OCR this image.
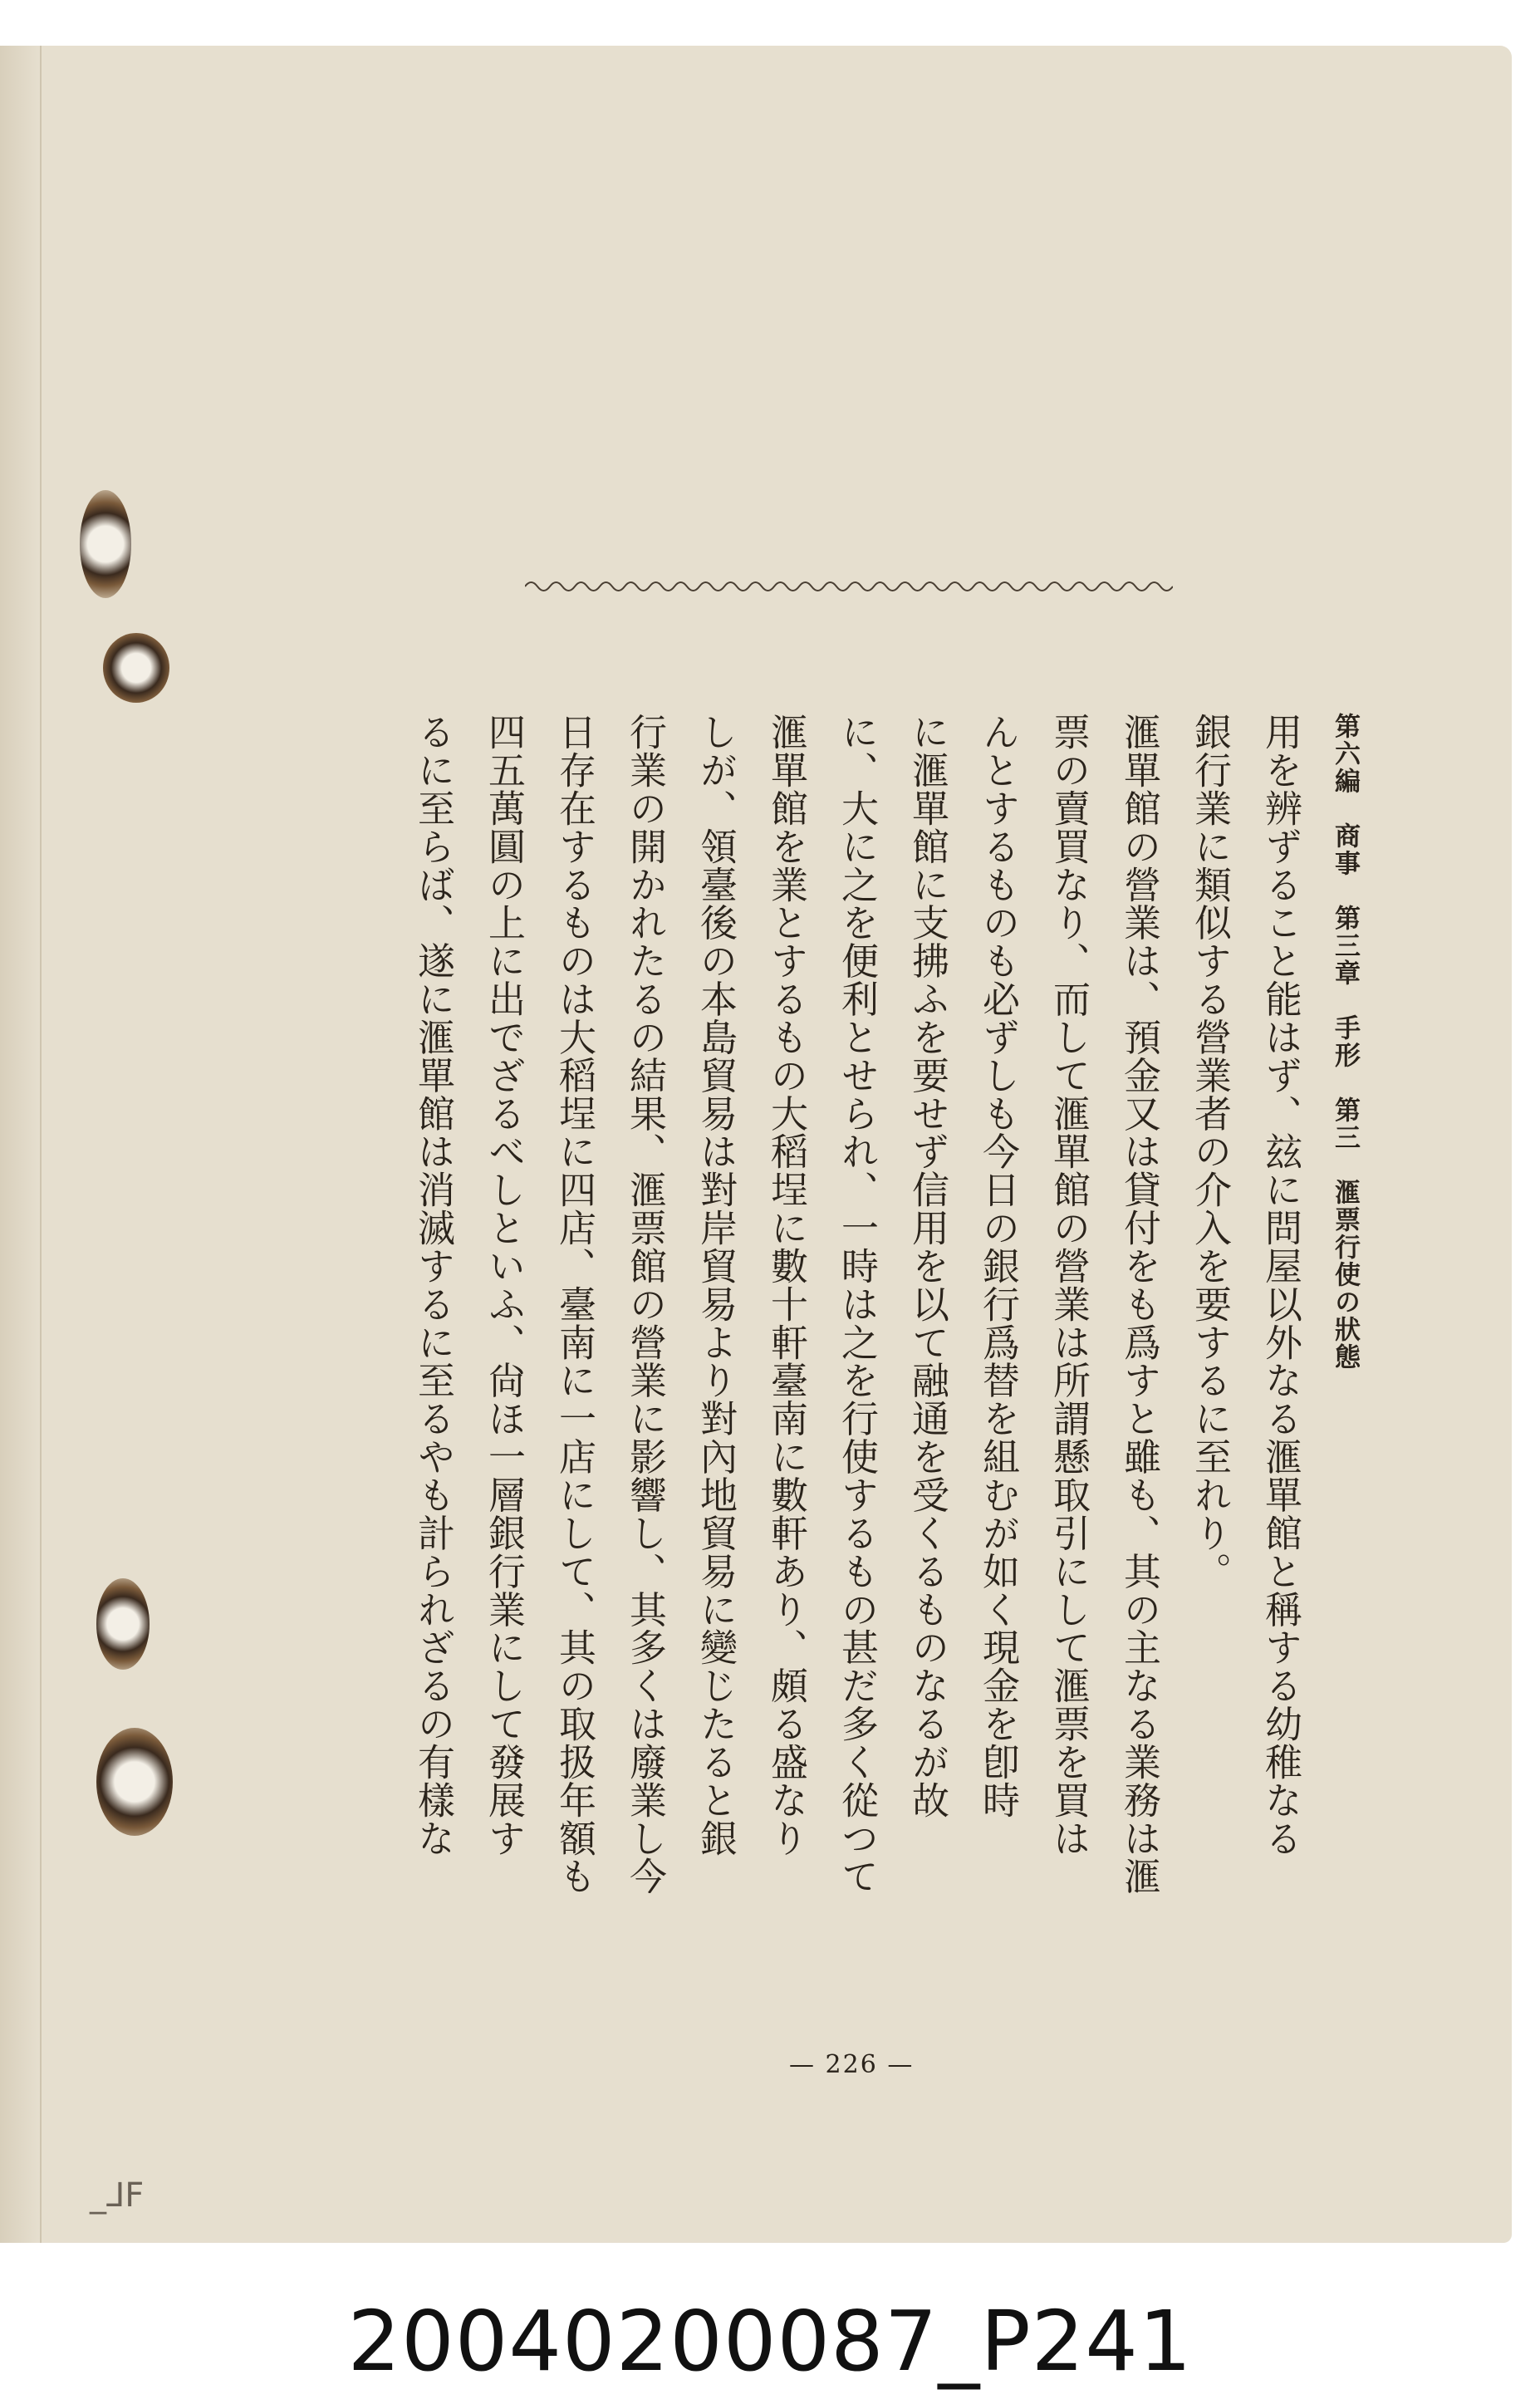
第六編　商事　第三章　手形　第三　滙票行使の狀態
用を辨ずること能はず、玆に問屋以外なる滙單館と稱する幼稚なる
銀行業に類似する營業者の介入を要するに至れり。
滙單館の營業は、預金又は貸付をも爲すと雖も、其の主なる業務は滙
票の賣買なり、而して滙單館の營業は所謂懸取引にして滙票を買は
んとするものも必ずしも今日の銀行爲替を組むが如く現金を卽時
に滙單館に支拂ふを要せず信用を以て融通を受くるものなるが故
に、大に之を便利とせられ、一時は之を行使するもの甚だ多く從つて
滙單館を業とするもの大稻埕に數十軒臺南に數軒あり、頗る盛なり
しが、領臺後の本島貿易は對岸貿易より對內地貿易に變じたると銀
行業の開かれたるの結果、滙票館の營業に影響し、其多くは廢業し今
日存在するものは大稻埕に四店、臺南に一店にして、其の取扱年額も
四五萬圓の上に出でざるべしといふ、尙ほ一層銀行業にして發展す
るに至らば、遂に滙單館は消滅するに至るやも計られざるの有樣な
— 226 —
_⅃F
20040200087_P241
